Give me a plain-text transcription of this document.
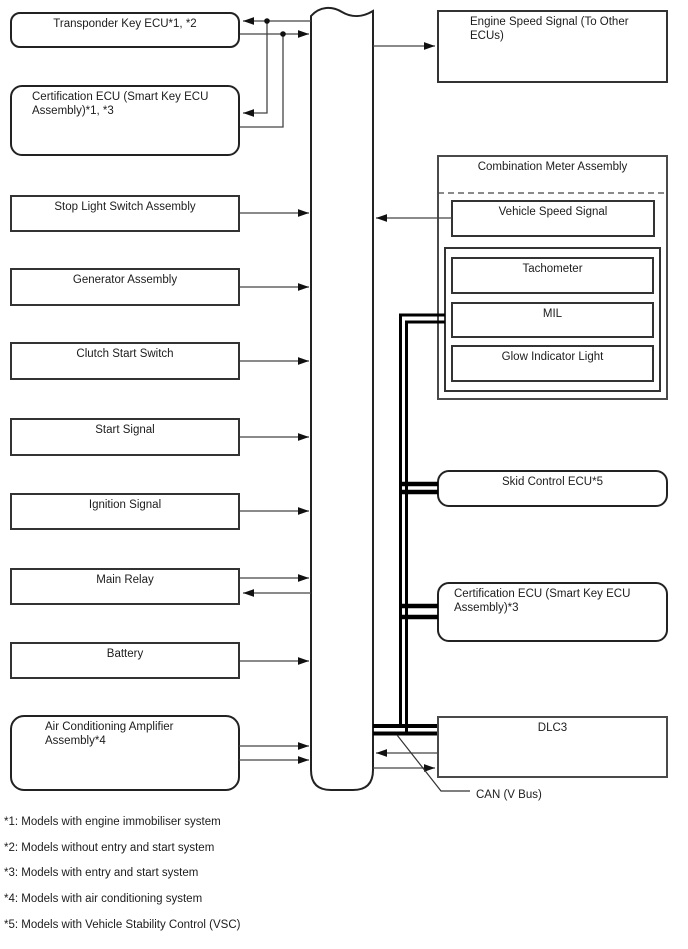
Transponder Key ECU*1, *2
Certification ECU (Smart Key ECU Assembly)*1, *3
Stop Light Switch Assembly
Generator Assembly
Clutch Start Switch
Start Signal
Ignition Signal
Main Relay
Battery
Air Conditioning Amplifier Assembly*4
Engine Speed Signal (To Other ECUs)
Combination Meter Assembly
Vehicle Speed Signal
Tachometer
MIL
Glow Indicator Light
Skid Control ECU*5
Certification ECU (Smart Key ECU Assembly)*3
DLC3
CAN (V Bus)
*1: Models with engine immobiliser system
*2: Models without entry and start system
*3: Models with entry and start system
*4: Models with air conditioning system
*5: Models with Vehicle Stability Control (VSC)
